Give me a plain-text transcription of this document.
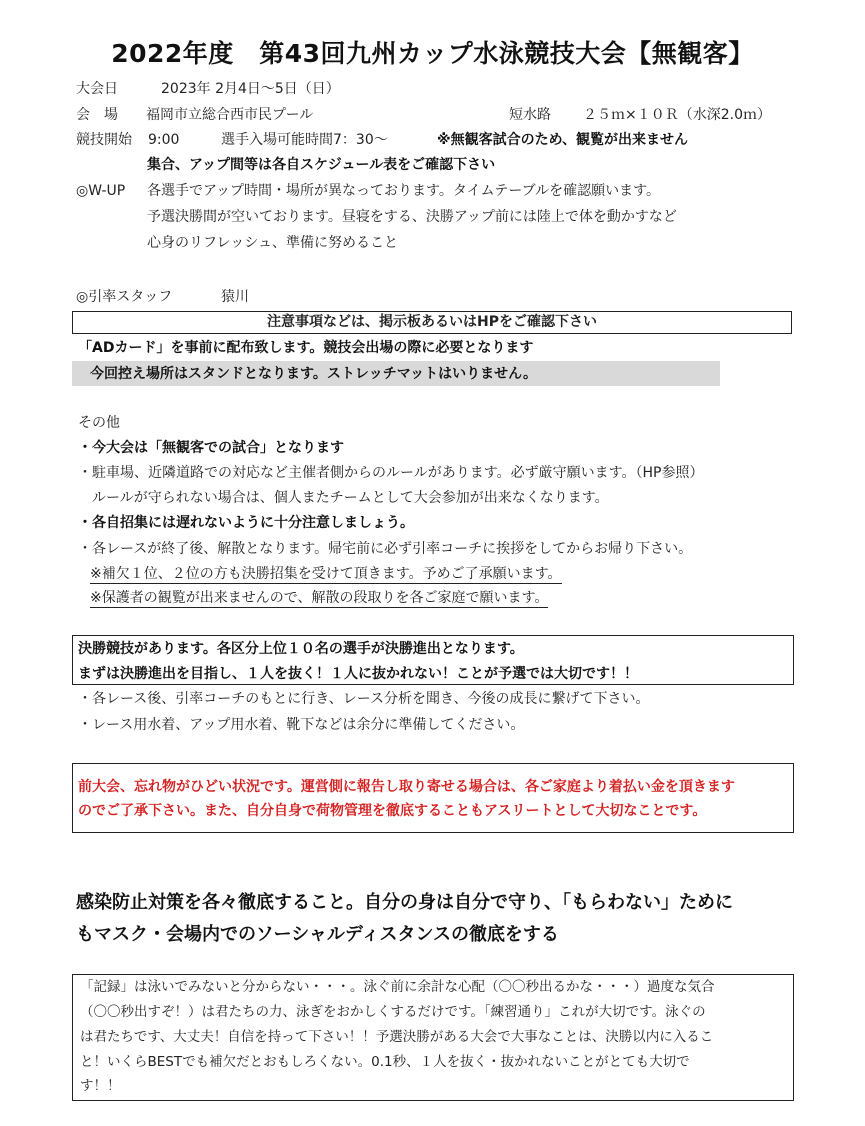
2022年度　第43回九州カップ水泳競技大会【無観客】
大会日	2023年 2月4日～5日（日）
会　場 福岡市立総合西市民プール	短水路 ２５ｍ×１０Ｒ（水深2.0ｍ）
競技開始 9:00	選手入場可能時間7：30～	※無観客試合のため、観覧が出来ません
集合、アップ間等は各自スケジュール表をご確認下さい
◎W-UP 各選手でアップ時間・場所が異なっております。タイムテーブルを確認願います。
予選決勝間が空いております。昼寝をする、決勝アップ前には陸上で体を動かすなど
心身のリフレッシュ、準備に努めること
◎引率スタッフ	猿川
注意事項などは、掲示板あるいはHPをご確認下さい
「ADカード」を事前に配布致します。競技会出場の際に必要となります
今回控え場所はスタンドとなります。ストレッチマットはいりません。
その他
・今大会は「無観客での試合」となります
・駐車場、近隣道路での対応など主催者側からのルールがあります。必ず厳守願います。（HP参照）
ルールが守られない場合は、個人またチームとして大会参加が出来なくなります。
・各自招集には遅れないように十分注意しましょう。
・各レースが終了後、解散となります。帰宅前に必ず引率コーチに挨拶をしてからお帰り下さい。
※補欠１位、２位の方も決勝招集を受けて頂きます。予めご了承願います。
※保護者の観覧が出来ませんので、解散の段取りを各ご家庭で願います。
決勝競技があります。各区分上位１０名の選手が決勝進出となります。
まずは決勝進出を目指し、１人を抜く！１人に抜かれない！ことが予選では大切です！！
・各レース後、引率コーチのもとに行き、レース分析を聞き、今後の成長に繋げて下さい。
・レース用水着、アップ用水着、靴下などは余分に準備してください。
前大会、忘れ物がひどい状況です。運営側に報告し取り寄せる場合は、各ご家庭より着払い金を頂きます
のでご了承下さい。また、自分自身で荷物管理を徹底することもアスリートとして大切なことです。
感染防止対策を各々徹底すること。自分の身は自分で守り、「もらわない」ために
もマスク・会場内でのソーシャルディスタンスの徹底をする
「記録」は泳いでみないと分からない・・・。泳ぐ前に余計な心配（〇〇秒出るかな・・・）過度な気合
（〇〇秒出すぞ！）は君たちの力、泳ぎをおかしくするだけです。「練習通り」これが大切です。泳ぐの
は君たちです、大丈夫！自信を持って下さい！！予選決勝がある大会で大事なことは、決勝以内に入るこ
と！いくらBESTでも補欠だとおもしろくない。0.1秒、１人を抜く・抜かれないことがとても大切で
す！！
